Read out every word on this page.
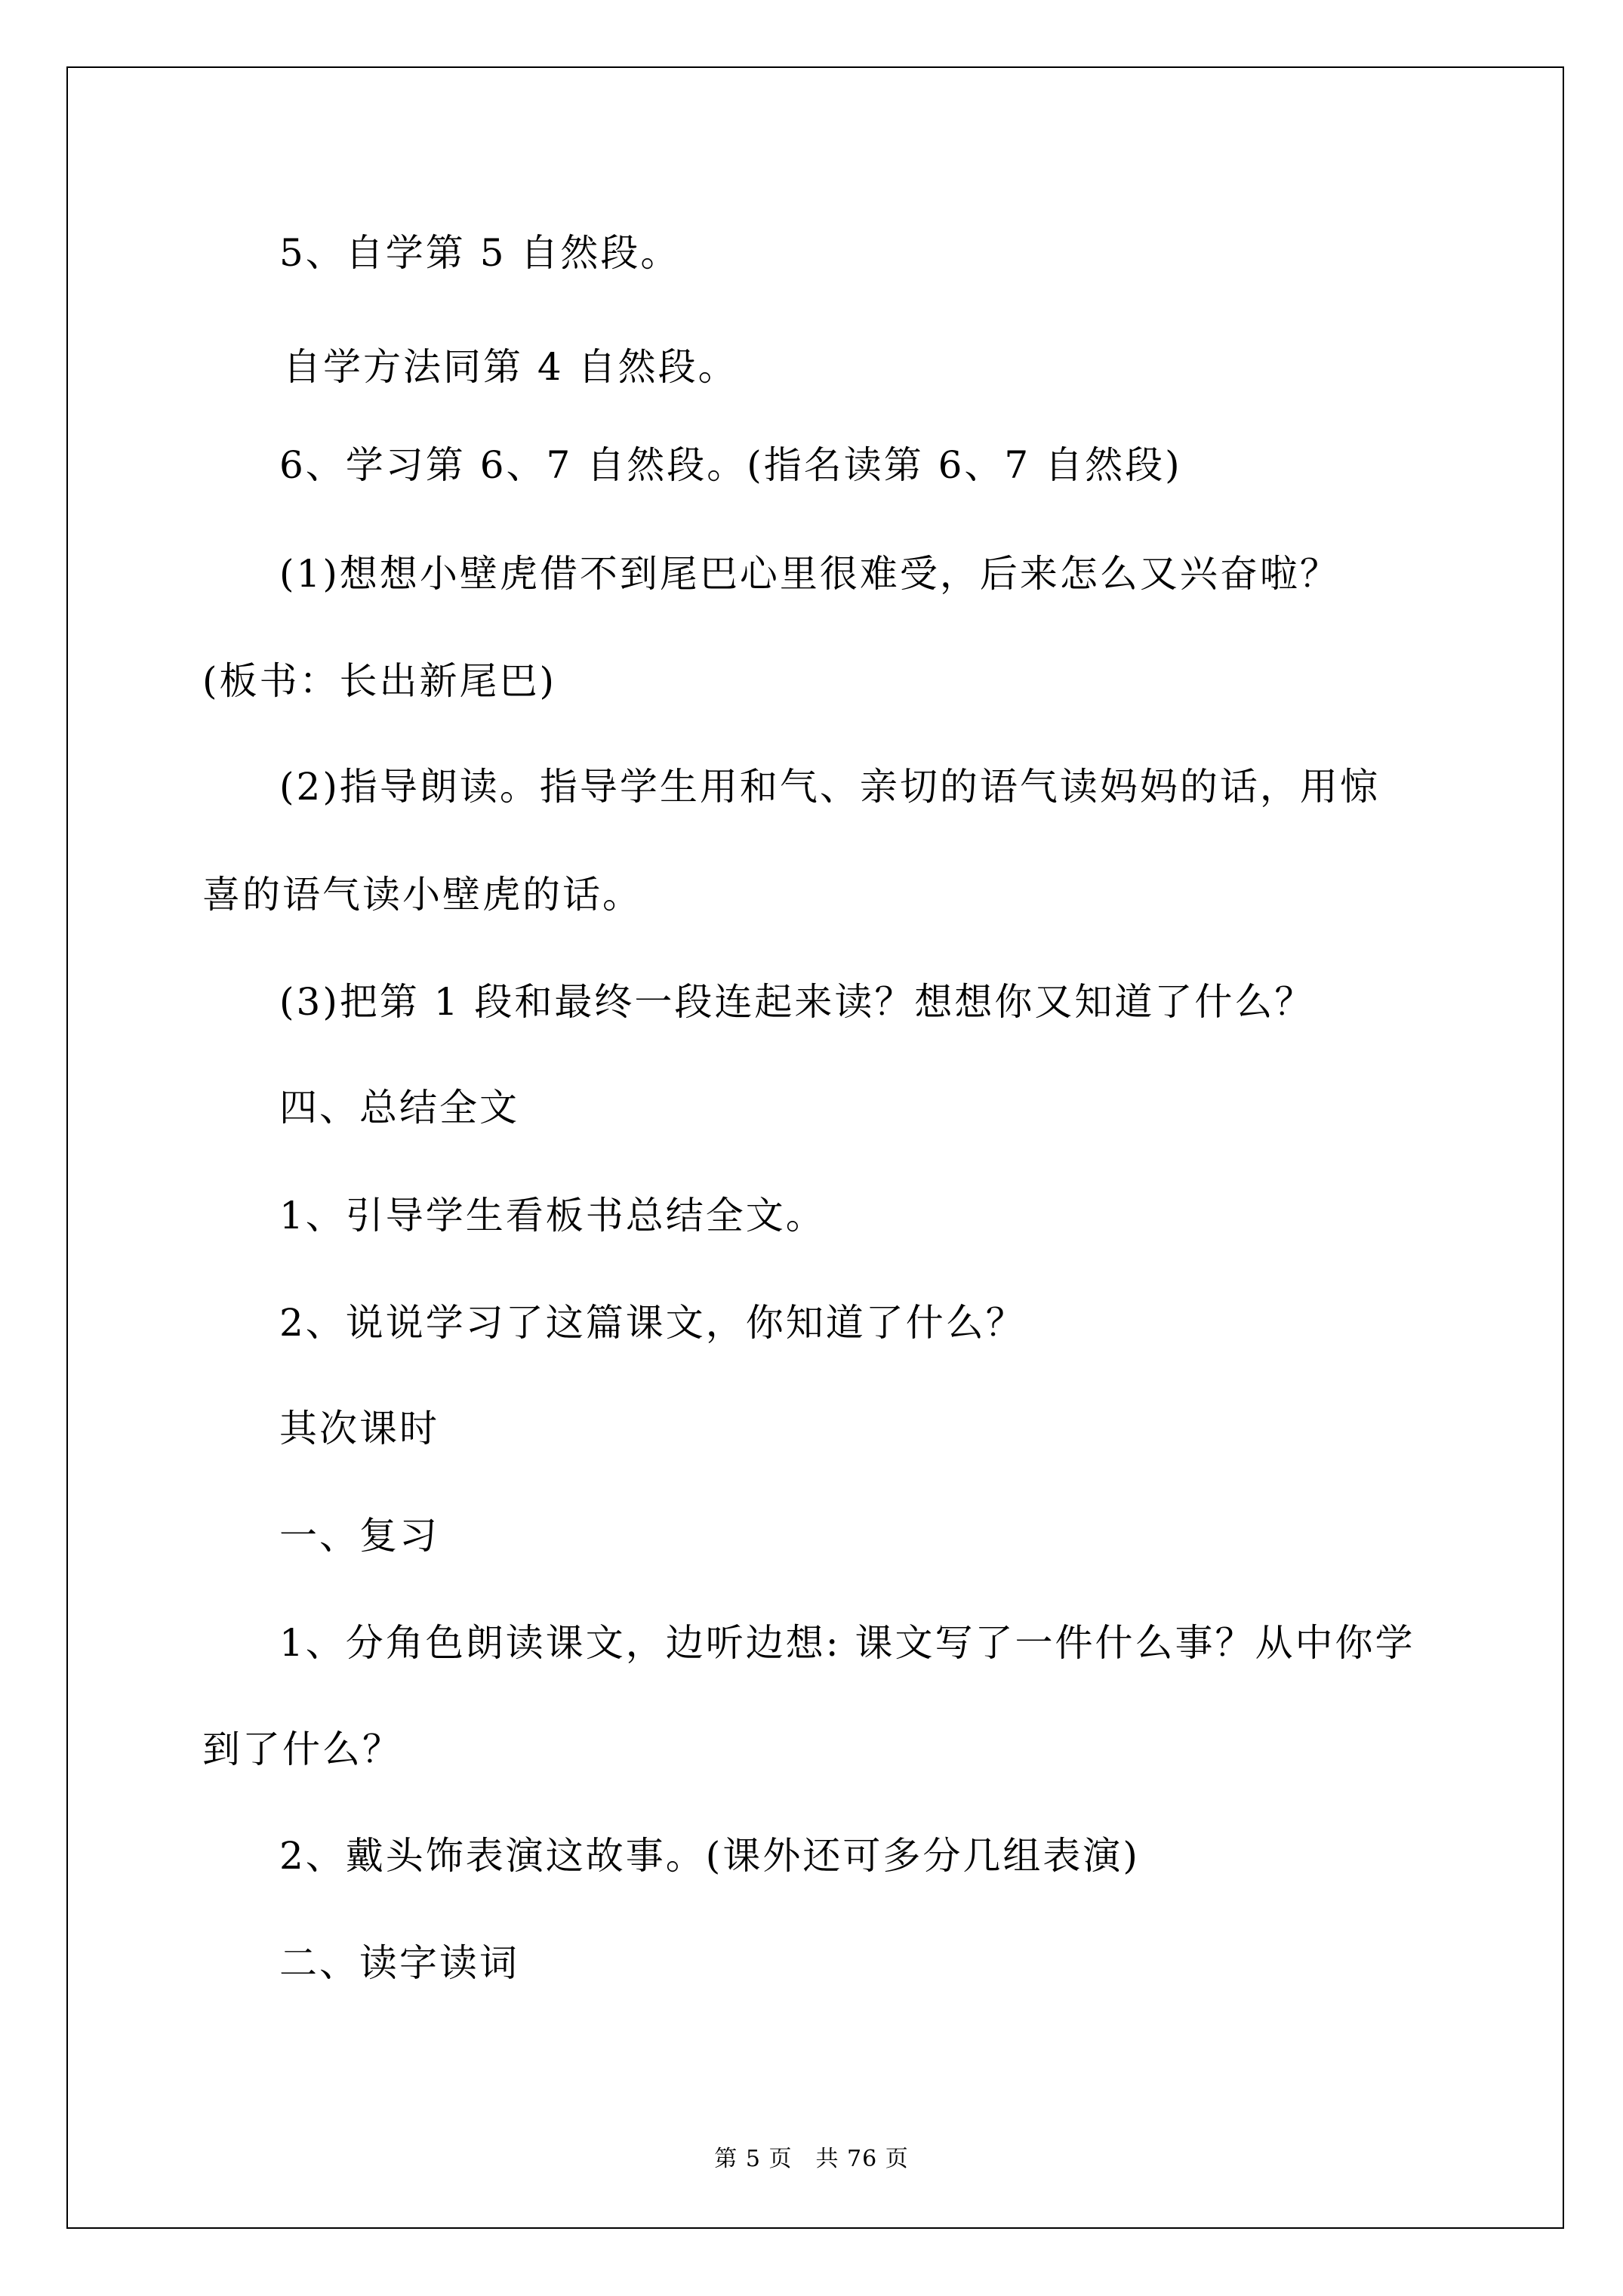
5、自学第 5 自然段。
自学方法同第 4 自然段。
6、学习第 6、7 自然段。(指名读第 6、7 自然段)
(1)想想小壁虎借不到尾巴心里很难受，后来怎么又兴奋啦？
(板书：长出新尾巴)
(2)指导朗读。指导学生用和气、亲切的语气读妈妈的话，用惊
喜的语气读小壁虎的话。
(3)把第 1 段和最终一段连起来读？想想你又知道了什么？
四、总结全文
1、引导学生看板书总结全文。
2、说说学习了这篇课文，你知道了什么？
其次课时
一、复习
1、分角色朗读课文，边听边想: 课文写了一件什么事？从中你学
到了什么？
2、戴头饰表演这故事。(课外还可多分几组表演)
二、读字读词
第 5 页　共 76 页
